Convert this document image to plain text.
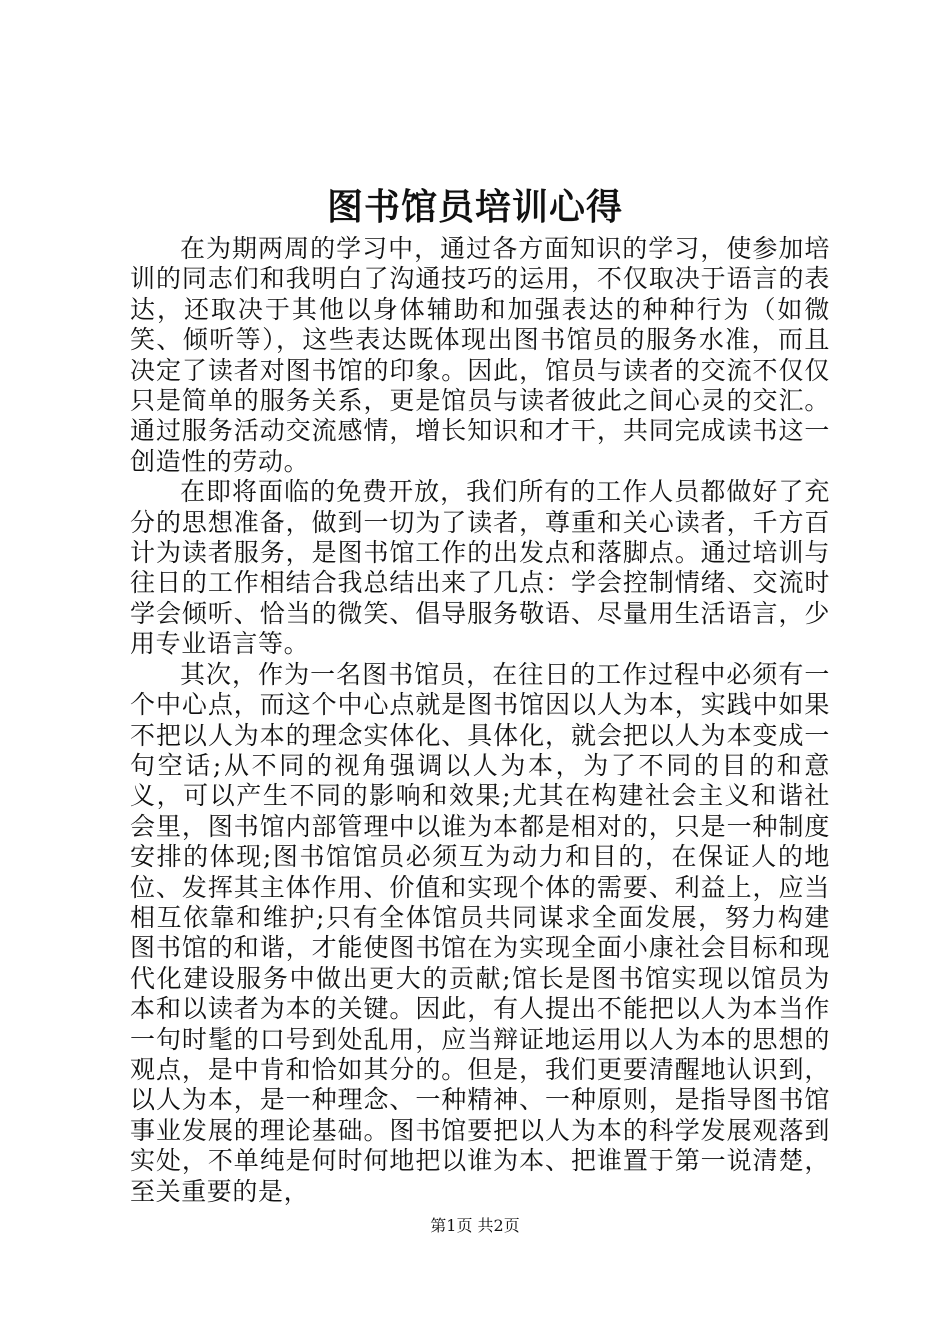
图书馆员培训心得

在为期两周的学习中，通过各方面知识的学习，使参加培训的同志们和我明白了沟通技巧的运用，不仅取决于语言的表达，还取决于其他以身体辅助和加强表达的种种行为（如微笑、倾听等），这些表达既体现出图书馆员的服务水准，而且决定了读者对图书馆的印象。因此，馆员与读者的交流不仅仅只是简单的服务关系，更是馆员与读者彼此之间心灵的交汇。通过服务活动交流感情，增长知识和才干，共同完成读书这一创造性的劳动。

在即将面临的免费开放，我们所有的工作人员都做好了充分的思想准备，做到一切为了读者，尊重和关心读者，千方百计为读者服务，是图书馆工作的出发点和落脚点。通过培训与往日的工作相结合我总结出来了几点：学会控制情绪、交流时学会倾听、恰当的微笑、倡导服务敬语、尽量用生活语言，少用专业语言等。

其次，作为一名图书馆员，在往日的工作过程中必须有一个中心点，而这个中心点就是图书馆因以人为本，实践中如果不把以人为本的理念实体化、具体化，就会把以人为本变成一句空话;从不同的视角强调以人为本，为了不同的目的和意义，可以产生不同的影响和效果;尤其在构建社会主义和谐社会里，图书馆内部管理中以谁为本都是相对的，只是一种制度安排的体现;图书馆馆员必须互为动力和目的，在保证人的地位、发挥其主体作用、价值和实现个体的需要、利益上，应当相互依靠和维护;只有全体馆员共同谋求全面发展，努力构建图书馆的和谐，才能使图书馆在为实现全面小康社会目标和现代化建设服务中做出更大的贡献;馆长是图书馆实现以馆员为本和以读者为本的关键。因此，有人提出不能把以人为本当作一句时髦的口号到处乱用，应当辩证地运用以人为本的思想的观点，是中肯和恰如其分的。但是，我们更要清醒地认识到，以人为本，是一种理念、一种精神、一种原则，是指导图书馆事业发展的理论基础。图书馆要把以人为本的科学发展观落到实处，不单纯是何时何地把以谁为本、把谁置于第一说清楚，至关重要的是，

第1页 共2页
